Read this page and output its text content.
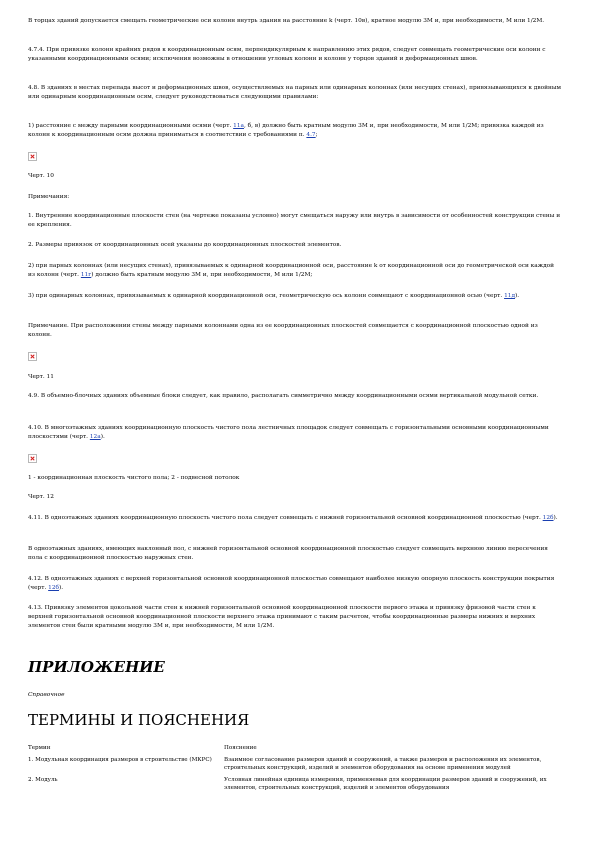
В торцах зданий допускается смещать геометрические оси колонн внутрь здания на расстояние k (черт. 10в), кратное модулю 3М и, при необходимости, М или 1/2М.

4.7.4. При привязке колонн крайних рядов к координационным осям, перпендикулярным к направлению этих рядов, следует совмещать геометрические оси колонн с указанными координационными осями; исключения возможны в отношении угловых колонн и колонн у торцов зданий и деформационных швов.

4.8. В зданиях в местах перепада высот и деформационных швов, осуществляемых на парных или одинарных колоннах (или несущих стенах), привязывающихся к двойным или одинарным координационным осям, следует руководствоваться следующими правилами:

1) расстояние с между парными координационными осями (черт. 11а, б, в) должно быть кратным модулю 3М и, при необходимости, М или 1/2М; привязка каждой из колонн к координационным осям должна приниматься в соответствии с требованиями п. 4.7;

Черт. 10

Примечания:

1. Внутренние координационные плоскости стен (на чертеже показаны условно) могут смещаться наружу или внутрь в зависимости от особенностей конструкции стены и ее крепления.

2. Размеры привязок от координационных осей указаны до координационных плоскостей элементов.

2) при парных колоннах (или несущих стенах), привязываемых к одинарной координационной оси, расстояние k от координационной оси до геометрической оси каждой из колонн (черт. 11г) должно быть кратным модулю 3М и, при необходимости, М или 1/2М;

3) при одинарных колоннах, привязываемых к одинарной координационной оси, геометрическую ось колонн совмещают с координационной осью (черт. 11д).

Примечание. При расположении стены между парными колоннами одна из ее координационных плоскостей совмещается с координационной плоскостью одной из колонн.

Черт. 11

4.9. В объемно-блочных зданиях объемные блоки следует, как правило, располагать симметрично между координационными осями вертикальной модульной сетки.

4.10. В многоэтажных зданиях координационную плоскость чистого пола лестничных площадок следует совмещать с горизонтальными основными координационными плоскостями (черт. 12а).

1 - координационная плоскость чистого пола; 2 - подвесной потолок

Черт. 12

4.11. В одноэтажных зданиях координационную плоскость чистого пола следует совмещать с нижней горизонтальной основной координационной плоскостью (черт. 12б).

В одноэтажных зданиях, имеющих наклонный пол, с нижней горизонтальной основной координационной плоскостью следует совмещать верхнюю линию пересечения пола с координационной плоскостью наружных стен.

4.12. В одноэтажных зданиях с верхней горизонтальной основной координационной плоскостью совмещают наиболее низкую опорную плоскость конструкции покрытия (черт. 12б).

4.13. Привязку элементов цокольной части стен к нижней горизонтальной основной координационной плоскости первого этажа и привязку фризовой части стен к верхней горизонтальной основной координационной плоскости верхнего этажа принимают с таким расчетом, чтобы координационные размеры нижних и верхних элементов стен были кратными модулю 3М и, при необходимости, М или 1/2М.

ПРИЛОЖЕНИЕ
Справочное
ТЕРМИНЫ И ПОЯСНЕНИЯ
Термин	Пояснение
1. Модульная координация размеров в строительстве (МКРС)	Взаимное согласование размеров зданий и сооружений, а также размеров и расположения их элементов, строительных конструкций, изделий и элементов оборудования на основе применения модулей
2. Модуль	Условная линейная единица измерения, применяемая для координации размеров зданий и сооружений, их элементов, строительных конструкций, изделий и элементов оборудования
